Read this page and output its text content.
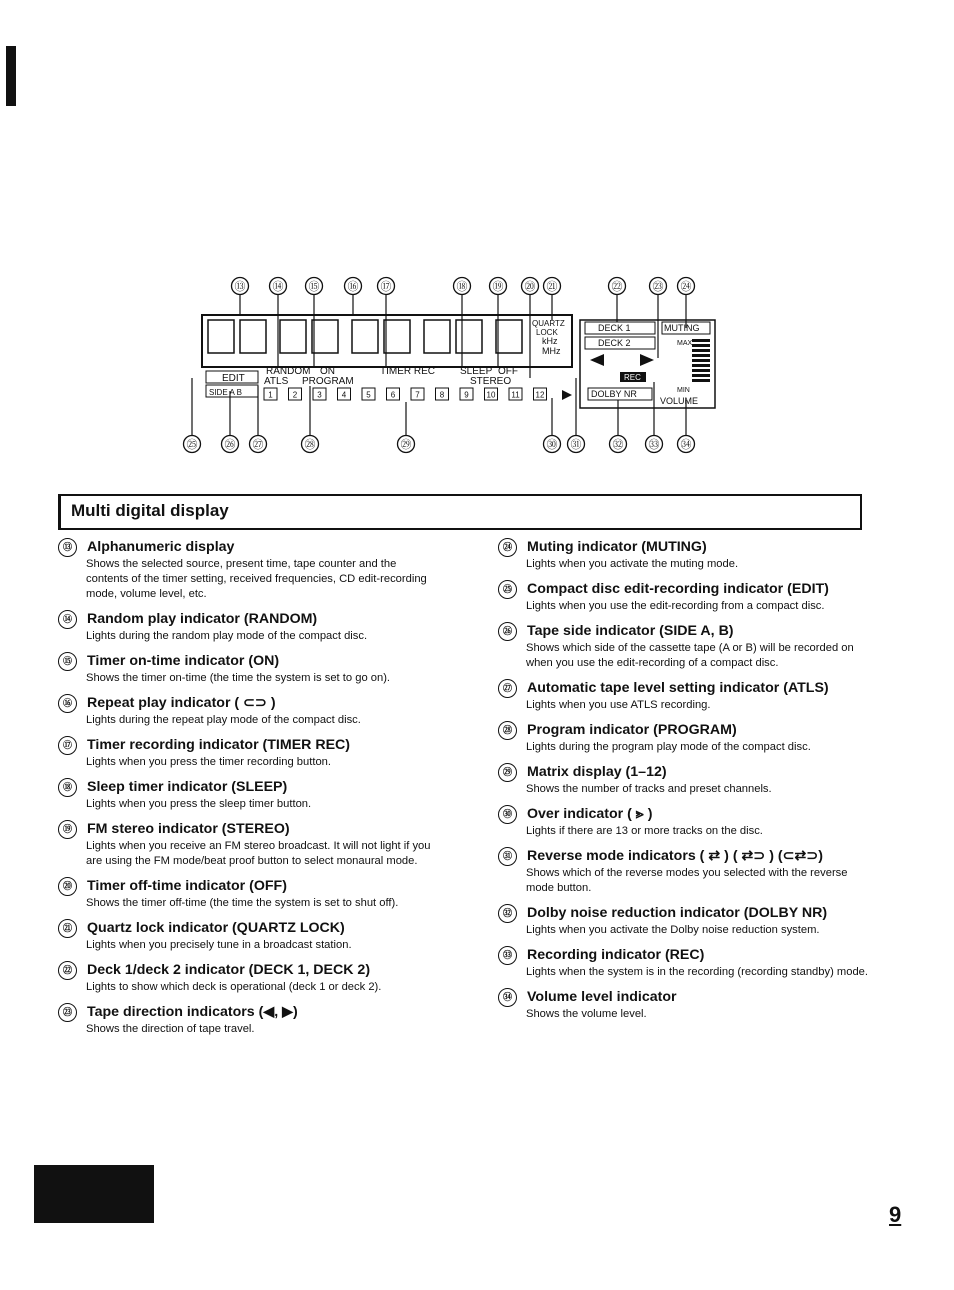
RANDOM ON	TIMER REC	SLEEP OFF
ATLS PROGRAM	STEREO
EDIT
SIDE A B	1	2	3	4	5	6	7	8	9 10 11 12
QUARTZ
LOCK
kHz
MHz
DECK 1
DECK 2
MUTING
MAX
MIN
REC
DOLBY NR
VOLUME
⑬ ⑭ ⑮	⑯ ⑰	⑱ ⑲ ⑳ ㉑	㉒	㉓ ㉔
㉕ ㉖ ㉗	㉘	㉙	㉚ ㉛	㉜ ㉝ ㉞
Multi digital display
⑬	Alphanumeric display
Shows the selected source, present time, tape counter and the contents of the timer setting, received frequencies, CD edit-recording mode, volume level, etc.
⑭	Random play indicator (RANDOM)
Lights during the random play mode of the compact disc.
⑮	Timer on-time indicator (ON)
Shows the timer on-time (the time the system is set to go on).
⑯	Repeat play indicator ( ⊂⊃ )
Lights during the repeat play mode of the compact disc.
⑰	Timer recording indicator (TIMER REC)
Lights when you press the timer recording button.
⑱	Sleep timer indicator (SLEEP)
Lights when you press the sleep timer button.
⑲	FM stereo indicator (STEREO)
Lights when you receive an FM stereo broadcast. It will not light if you are using the FM mode/beat proof button to select monaural mode.
⑳	Timer off-time indicator (OFF)
Shows the timer off-time (the time the system is set to shut off).
㉑	Quartz lock indicator (QUARTZ LOCK)
Lights when you precisely tune in a broadcast station.
㉒	Deck 1/deck 2 indicator (DECK 1, DECK 2)
Lights to show which deck is operational (deck 1 or deck 2).
㉓	Tape direction indicators (◀, ▶)
Shows the direction of tape travel.
㉔	Muting indicator (MUTING)
Lights when you activate the muting mode.
㉕	Compact disc edit-recording indicator (EDIT)
Lights when you use the edit-recording from a compact disc.
㉖	Tape side indicator (SIDE A, B)
Shows which side of the cassette tape (A or B) will be recorded on when you use the edit-recording of a compact disc.
㉗	Automatic tape level setting indicator (ATLS)
Lights when you use ATLS recording.
㉘	Program indicator (PROGRAM)
Lights during the program play mode of the compact disc.
㉙	Matrix display (1–12)
Shows the number of tracks and preset channels.
㉚	Over indicator ( ⪢ )
Lights if there are 13 or more tracks on the disc.
㉛	Reverse mode indicators ( ⇄ ) ( ⇄⊃ ) (⊂⇄⊃)
Shows which of the reverse modes you selected with the reverse mode button.
㉜	Dolby noise reduction indicator (DOLBY NR)
Lights when you activate the Dolby noise reduction system.
㉝	Recording indicator (REC)
Lights when the system is in the recording (recording standby) mode.
㉞	Volume level indicator
Shows the volume level.
9
